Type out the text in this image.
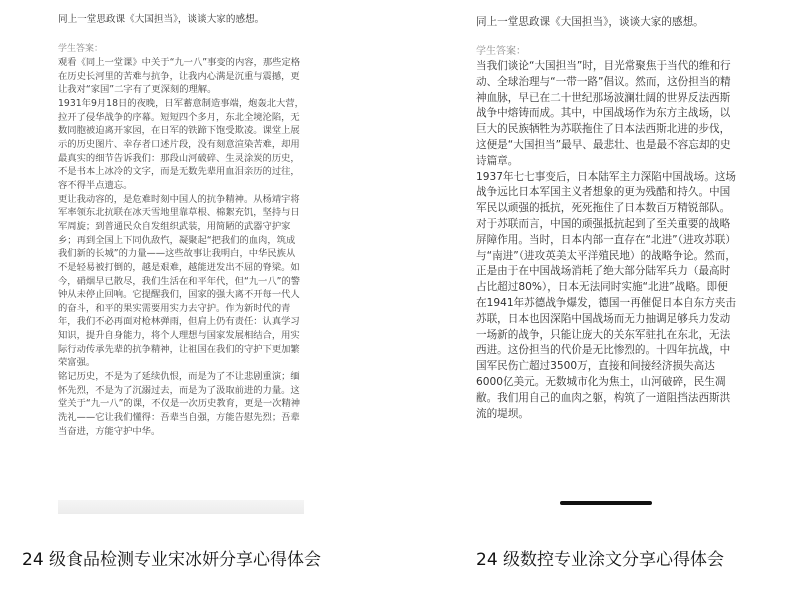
同上一堂思政课《大国担当》，谈谈大家的感想。
学生答案：

观看《同上一堂课》中关于“九一八”事变的内容，那些定格在历史长河里的苦难与抗争，让我内心满是沉重与震撼，更让我对“家国”二字有了更深刻的理解。

1931年9月18日的夜晚，日军蓄意制造事端，炮轰北大营，拉开了侵华战争的序幕。短短四个多月，东北全境沦陷，无数同胞被迫离开家园，在日军的铁蹄下饱受欺凌。课堂上展示的历史图片、幸存者口述片段，没有刻意渲染苦难，却用最真实的细节告诉我们：那段山河破碎、生灵涂炭的历史，不是书本上冰冷的文字，而是无数先辈用血泪亲历的过往，容不得半点遗忘。

更让我动容的，是危难时刻中国人的抗争精神。从杨靖宇将军率领东北抗联在冰天雪地里靠草根、棉絮充饥，坚持与日军周旋；到普通民众自发组织武装，用简陋的武器守护家乡；再到全国上下同仇敌忾，凝聚起“把我们的血肉，筑成我们新的长城”的力量——这些故事让我明白，中华民族从不是轻易被打倒的，越是艰难，越能迸发出不屈的脊梁。如今，硝烟早已散尽，我们生活在和平年代，但“九一八”的警钟从未停止回响。它提醒我们，国家的强大离不开每一代人的奋斗，和平的果实需要用实力去守护。作为新时代的青年，我们不必再面对枪林弹雨，但肩上仍有责任：认真学习知识，提升自身能力，将个人理想与国家发展相结合，用实际行动传承先辈的抗争精神，让祖国在我们的守护下更加繁荣富强。

铭记历史，不是为了延续仇恨，而是为了不让悲剧重演；缅怀先烈，不是为了沉溺过去，而是为了汲取前进的力量。这堂关于“九一八”的课，不仅是一次历史教育，更是一次精神洗礼——它让我们懂得：吾辈当自强，方能告慰先烈；吾辈当奋进，方能守护中华。

同上一堂思政课《大国担当》，谈谈大家的感想。
学生答案：

当我们谈论“大国担当”时，目光常聚焦于当代的维和行动、全球治理与“一带一路”倡议。然而，这份担当的精神血脉，早已在二十世纪那场波澜壮阔的世界反法西斯战争中熔铸而成。其中，中国战场作为东方主战场，以巨大的民族牺牲为苏联拖住了日本法西斯北进的步伐，这便是“大国担当”最早、最悲壮、也是最不容忘却的史诗篇章。

1937年七七事变后，日本陆军主力深陷中国战场。这场战争远比日本军国主义者想象的更为残酷和持久。中国军民以顽强的抵抗，死死拖住了日本数百万精锐部队。

对于苏联而言，中国的顽强抵抗起到了至关重要的战略屏障作用。当时，日本内部一直存在“北进”（进攻苏联）与“南进”（进攻英美太平洋殖民地）的战略争论。然而，正是由于在中国战场消耗了绝大部分陆军兵力（最高时占比超过80%），日本无法同时实施“北进”战略。即便在1941年苏德战争爆发，德国一再催促日本自东方夹击苏联，日本也因深陷中国战场而无力抽调足够兵力发动一场新的战争，只能让庞大的关东军驻扎在东北，无法西进。这份担当的代价是无比惨烈的。十四年抗战，中国军民伤亡超过3500万，直接和间接经济损失高达6000亿美元。无数城市化为焦土，山河破碎，民生凋敝。我们用自己的血肉之躯，构筑了一道阻挡法西斯洪流的堤坝。

24 级食品检测专业宋冰妍分享心得体会	24 级数控专业涂文分享心得体会
